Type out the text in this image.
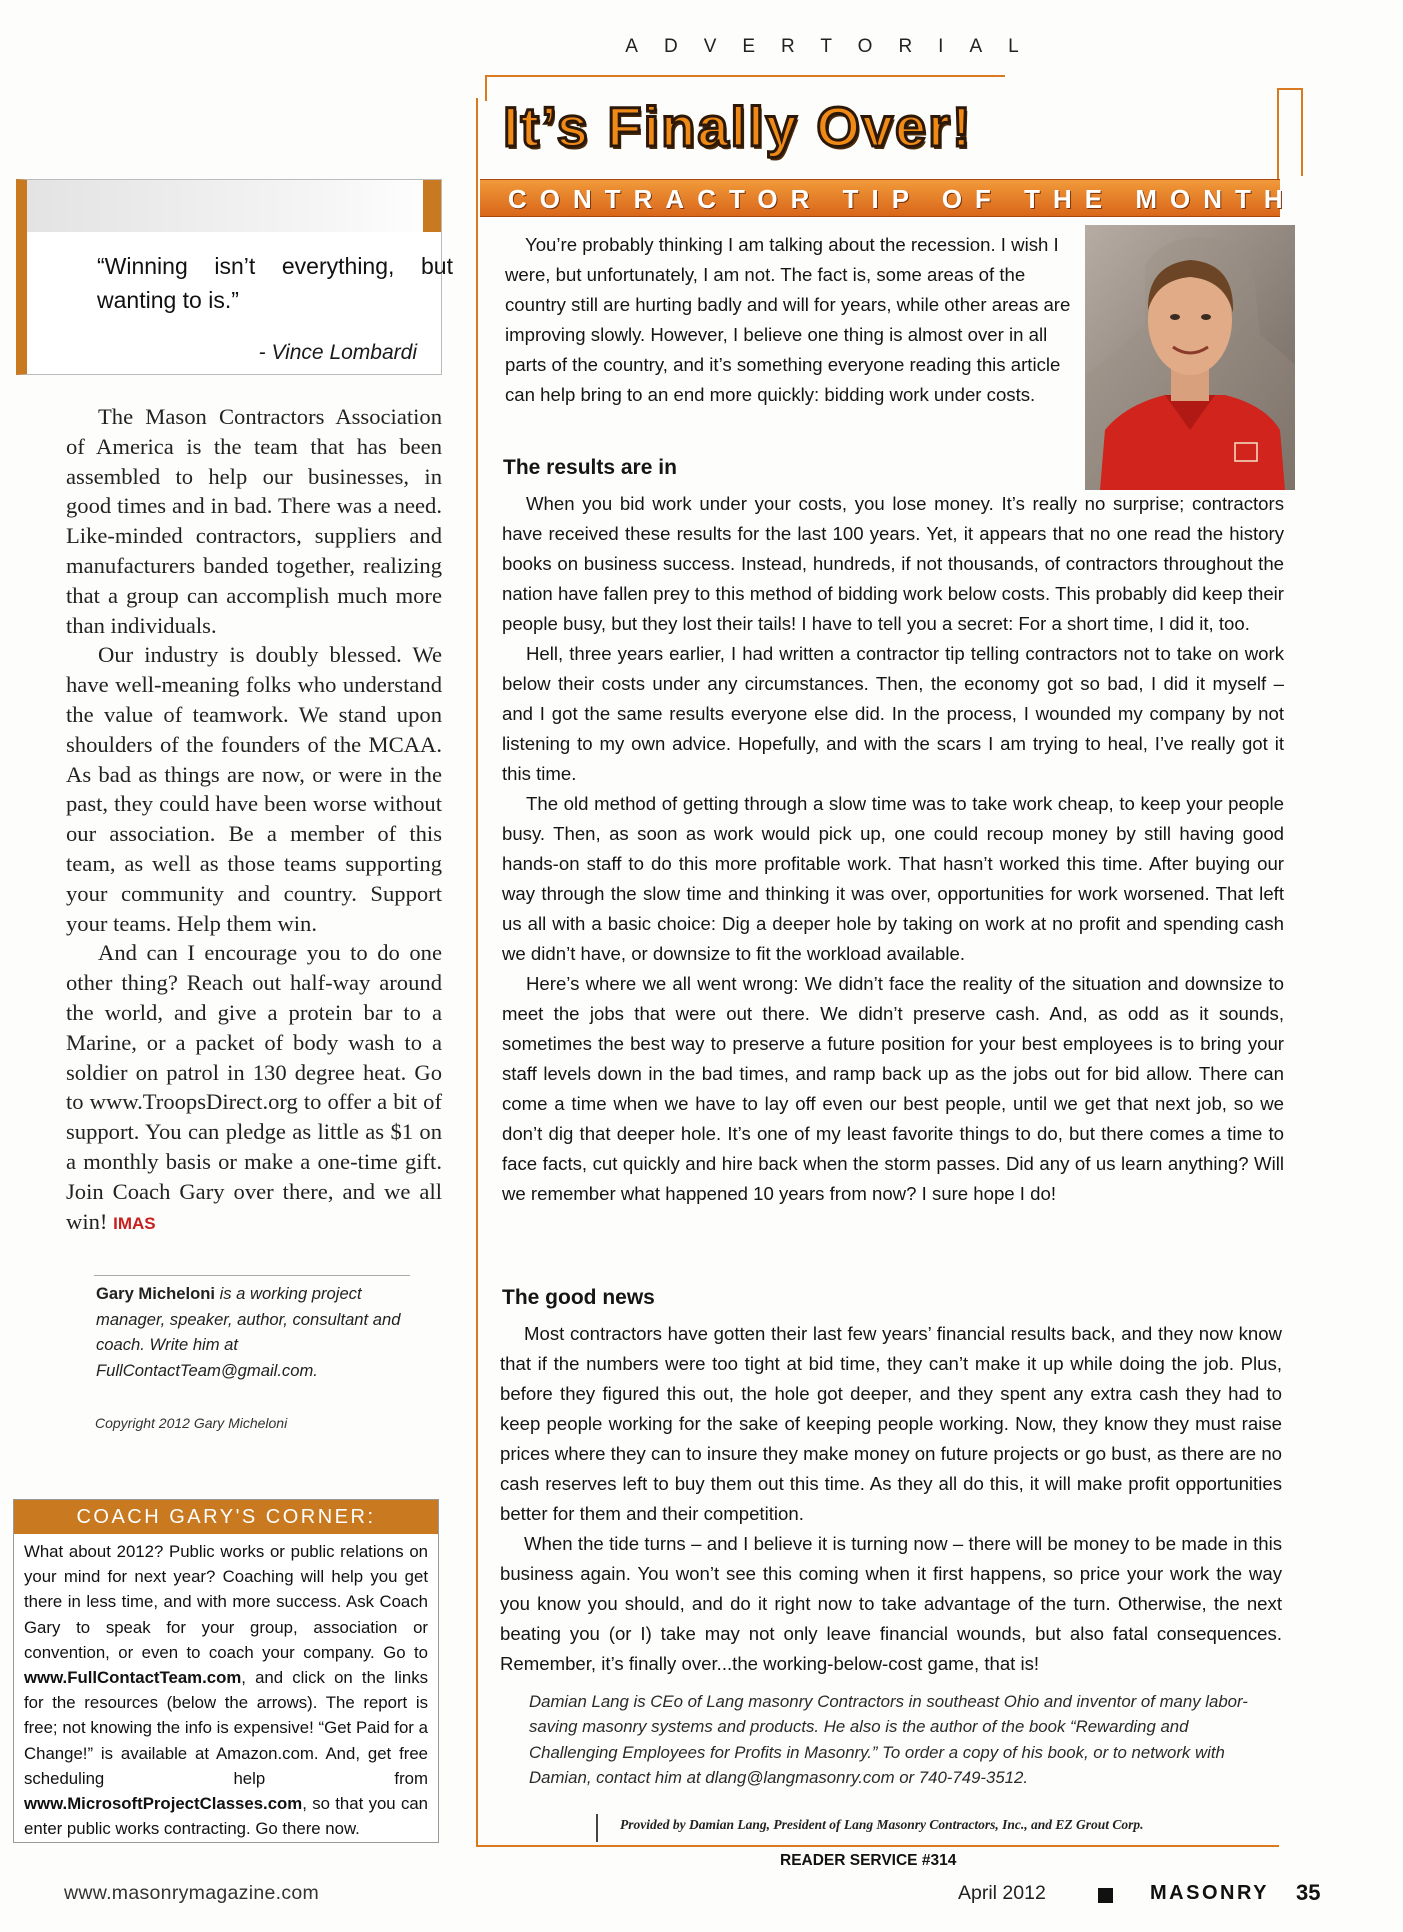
ADVERTORIAL
“Winning isn’t everything, but wanting to is.”
- Vince Lombardi

The Mason Contractors Association of America is the team that has been assembled to help our businesses, in good times and in bad. There was a need. Like-minded contractors, suppliers and manufacturers banded together, realizing that a group can accomplish much more than individuals.

Our industry is doubly blessed. We have well-meaning folks who understand the value of teamwork. We stand upon shoulders of the founders of the MCAA. As bad as things are now, or were in the past, they could have been worse without our association. Be a member of this team, as well as those teams supporting your community and country. Support your teams. Help them win.

And can I encourage you to do one other thing? Reach out half-way around the world, and give a protein bar to a Marine, or a packet of body wash to a soldier on patrol in 130 degree heat. Go to www.TroopsDirect.org to offer a bit of support. You can pledge as little as $1 on a monthly basis or make a one-time gift. Join Coach Gary over there, and we all win! IMAS

Gary Micheloni is a working project manager, speaker, author, consultant and coach. Write him at FullContactTeam@gmail.com.
Copyright 2012 Gary Micheloni
COACH GARY'S CORNER:
What about 2012? Public works or public relations on your mind for next year? Coaching will help you get there in less time, and with more success. Ask Coach Gary to speak for your group, association or convention, or even to coach your company. Go to www.FullContactTeam.com, and click on the links for the resources (below the arrows). The report is free; not knowing the info is expensive! “Get Paid for a Change!” is available at Amazon.com. And, get free scheduling help from www.MicrosoftProjectClasses.com, so that you can enter public works contracting. Go there now.
It’s Finally Over!
CONTRACTOR TIP OF THE MONTH

You’re probably thinking I am talking about the recession. I wish I were, but unfortunately, I am not. The fact is, some areas of the country still are hurting badly and will for years, while other areas are improving slowly. However, I believe one thing is almost over in all parts of the country, and it’s something everyone reading this article can help bring to an end more quickly: bidding work under costs.

The results are in

When you bid work under your costs, you lose money. It’s really no surprise; contractors have received these results for the last 100 years. Yet, it appears that no one read the history books on business success. Instead, hundreds, if not thousands, of contractors throughout the nation have fallen prey to this method of bidding work below costs. This probably did keep their people busy, but they lost their tails! I have to tell you a secret: For a short time, I did it, too.

Hell, three years earlier, I had written a contractor tip telling contractors not to take on work below their costs under any circumstances. Then, the economy got so bad, I did it myself – and I got the same results everyone else did. In the process, I wounded my company by not listening to my own advice. Hopefully, and with the scars I am trying to heal, I’ve really got it this time.

The old method of getting through a slow time was to take work cheap, to keep your people busy. Then, as soon as work would pick up, one could recoup money by still having good hands-on staff to do this more profitable work. That hasn’t worked this time. After buying our way through the slow time and thinking it was over, opportunities for work worsened. That left us all with a basic choice: Dig a deeper hole by taking on work at no profit and spending cash we didn’t have, or downsize to fit the workload available.

Here’s where we all went wrong: We didn’t face the reality of the situation and downsize to meet the jobs that were out there. We didn’t preserve cash. And, as odd as it sounds, sometimes the best way to preserve a future position for your best employees is to bring your staff levels down in the bad times, and ramp back up as the jobs out for bid allow. There can come a time when we have to lay off even our best people, until we get that next job, so we don’t dig that deeper hole. It’s one of my least favorite things to do, but there comes a time to face facts, cut quickly and hire back when the storm passes. Did any of us learn anything? Will we remember what happened 10 years from now? I sure hope I do!

The good news

Most contractors have gotten their last few years’ financial results back, and they now know that if the numbers were too tight at bid time, they can’t make it up while doing the job. Plus, before they figured this out, the hole got deeper, and they spent any extra cash they had to keep people working for the sake of keeping people working. Now, they know they must raise prices where they can to insure they make money on future projects or go bust, as there are no cash reserves left to buy them out this time. As they all do this, it will make profit opportunities better for them and their competition.

When the tide turns – and I believe it is turning now – there will be money to be made in this business again. You won’t see this coming when it first happens, so price your work the way you know you should, and do it right now to take advantage of the turn. Otherwise, the next beating you (or I) take may not only leave financial wounds, but also fatal consequences. Remember, it’s finally over...the working-below-cost game, that is!

Damian Lang is CEo of Lang masonry Contractors in southeast Ohio and inventor of many labor-saving masonry systems and products. He also is the author of the book “Rewarding and Challenging Employees for Profits in Masonry.” To order a copy of his book, or to network with Damian, contact him at dlang@langmasonry.com or 740-749-3512.
Provided by Damian Lang, President of Lang Masonry Contractors, Inc., and EZ Grout Corp.
READER SERVICE #314
www.masonrymagazine.com	April 2012	MASONRY 35
